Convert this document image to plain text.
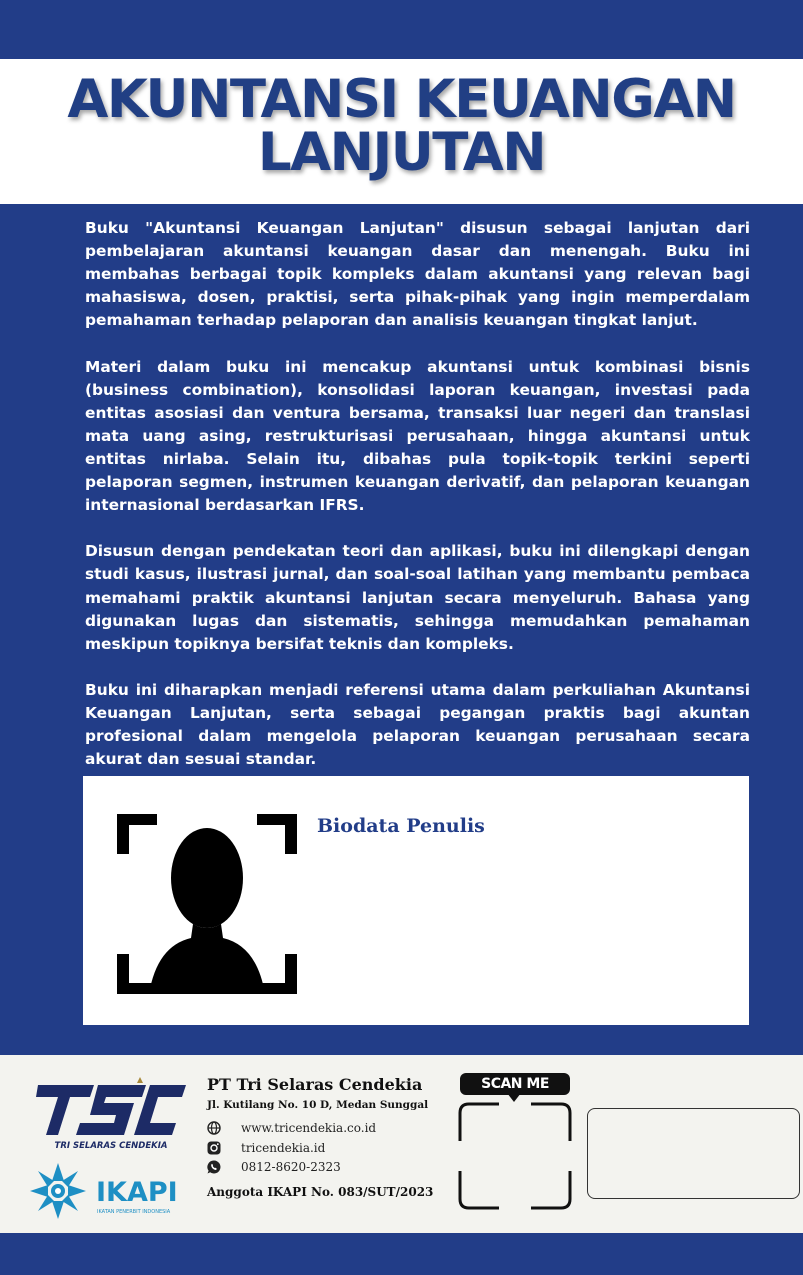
AKUNTANSI KEUANGAN
LANJUTAN

Buku "Akuntansi Keuangan Lanjutan" disusun sebagai lanjutan dari pembelajaran akuntansi keuangan dasar dan menengah. Buku ini membahas berbagai topik kompleks dalam akuntansi yang relevan bagi mahasiswa, dosen, praktisi, serta pihak-pihak yang ingin memperdalam pemahaman terhadap pelaporan dan analisis keuangan tingkat lanjut.

Materi dalam buku ini mencakup akuntansi untuk kombinasi bisnis (business combination), konsolidasi laporan keuangan, investasi pada entitas asosiasi dan ventura bersama, transaksi luar negeri dan translasi mata uang asing, restrukturisasi perusahaan, hingga akuntansi untuk entitas nirlaba. Selain itu, dibahas pula topik-topik terkini seperti pelaporan segmen, instrumen keuangan derivatif, dan pelaporan keuangan internasional berdasarkan IFRS.

Disusun dengan pendekatan teori dan aplikasi, buku ini dilengkapi dengan studi kasus, ilustrasi jurnal, dan soal-soal latihan yang membantu pembaca memahami praktik akuntansi lanjutan secara menyeluruh. Bahasa yang digunakan lugas dan sistematis, sehingga memudahkan pemahaman meskipun topiknya bersifat teknis dan kompleks.

Buku ini diharapkan menjadi referensi utama dalam perkuliahan Akuntansi Keuangan Lanjutan, serta sebagai pegangan praktis bagi akuntan profesional dalam mengelola pelaporan keuangan perusahaan secara akurat dan sesuai standar.

Biodata Penulis
TRI SELARAS CENDEKIA
IKAPI
IKATAN PENERBIT INDONESIA
PT Tri Selaras Cendekia
Jl. Kutilang No. 10 D, Medan Sunggal
www.tricendekia.co.id
tricendekia.id
0812-8620-2323
Anggota IKAPI No. 083/SUT/2023
SCAN ME
